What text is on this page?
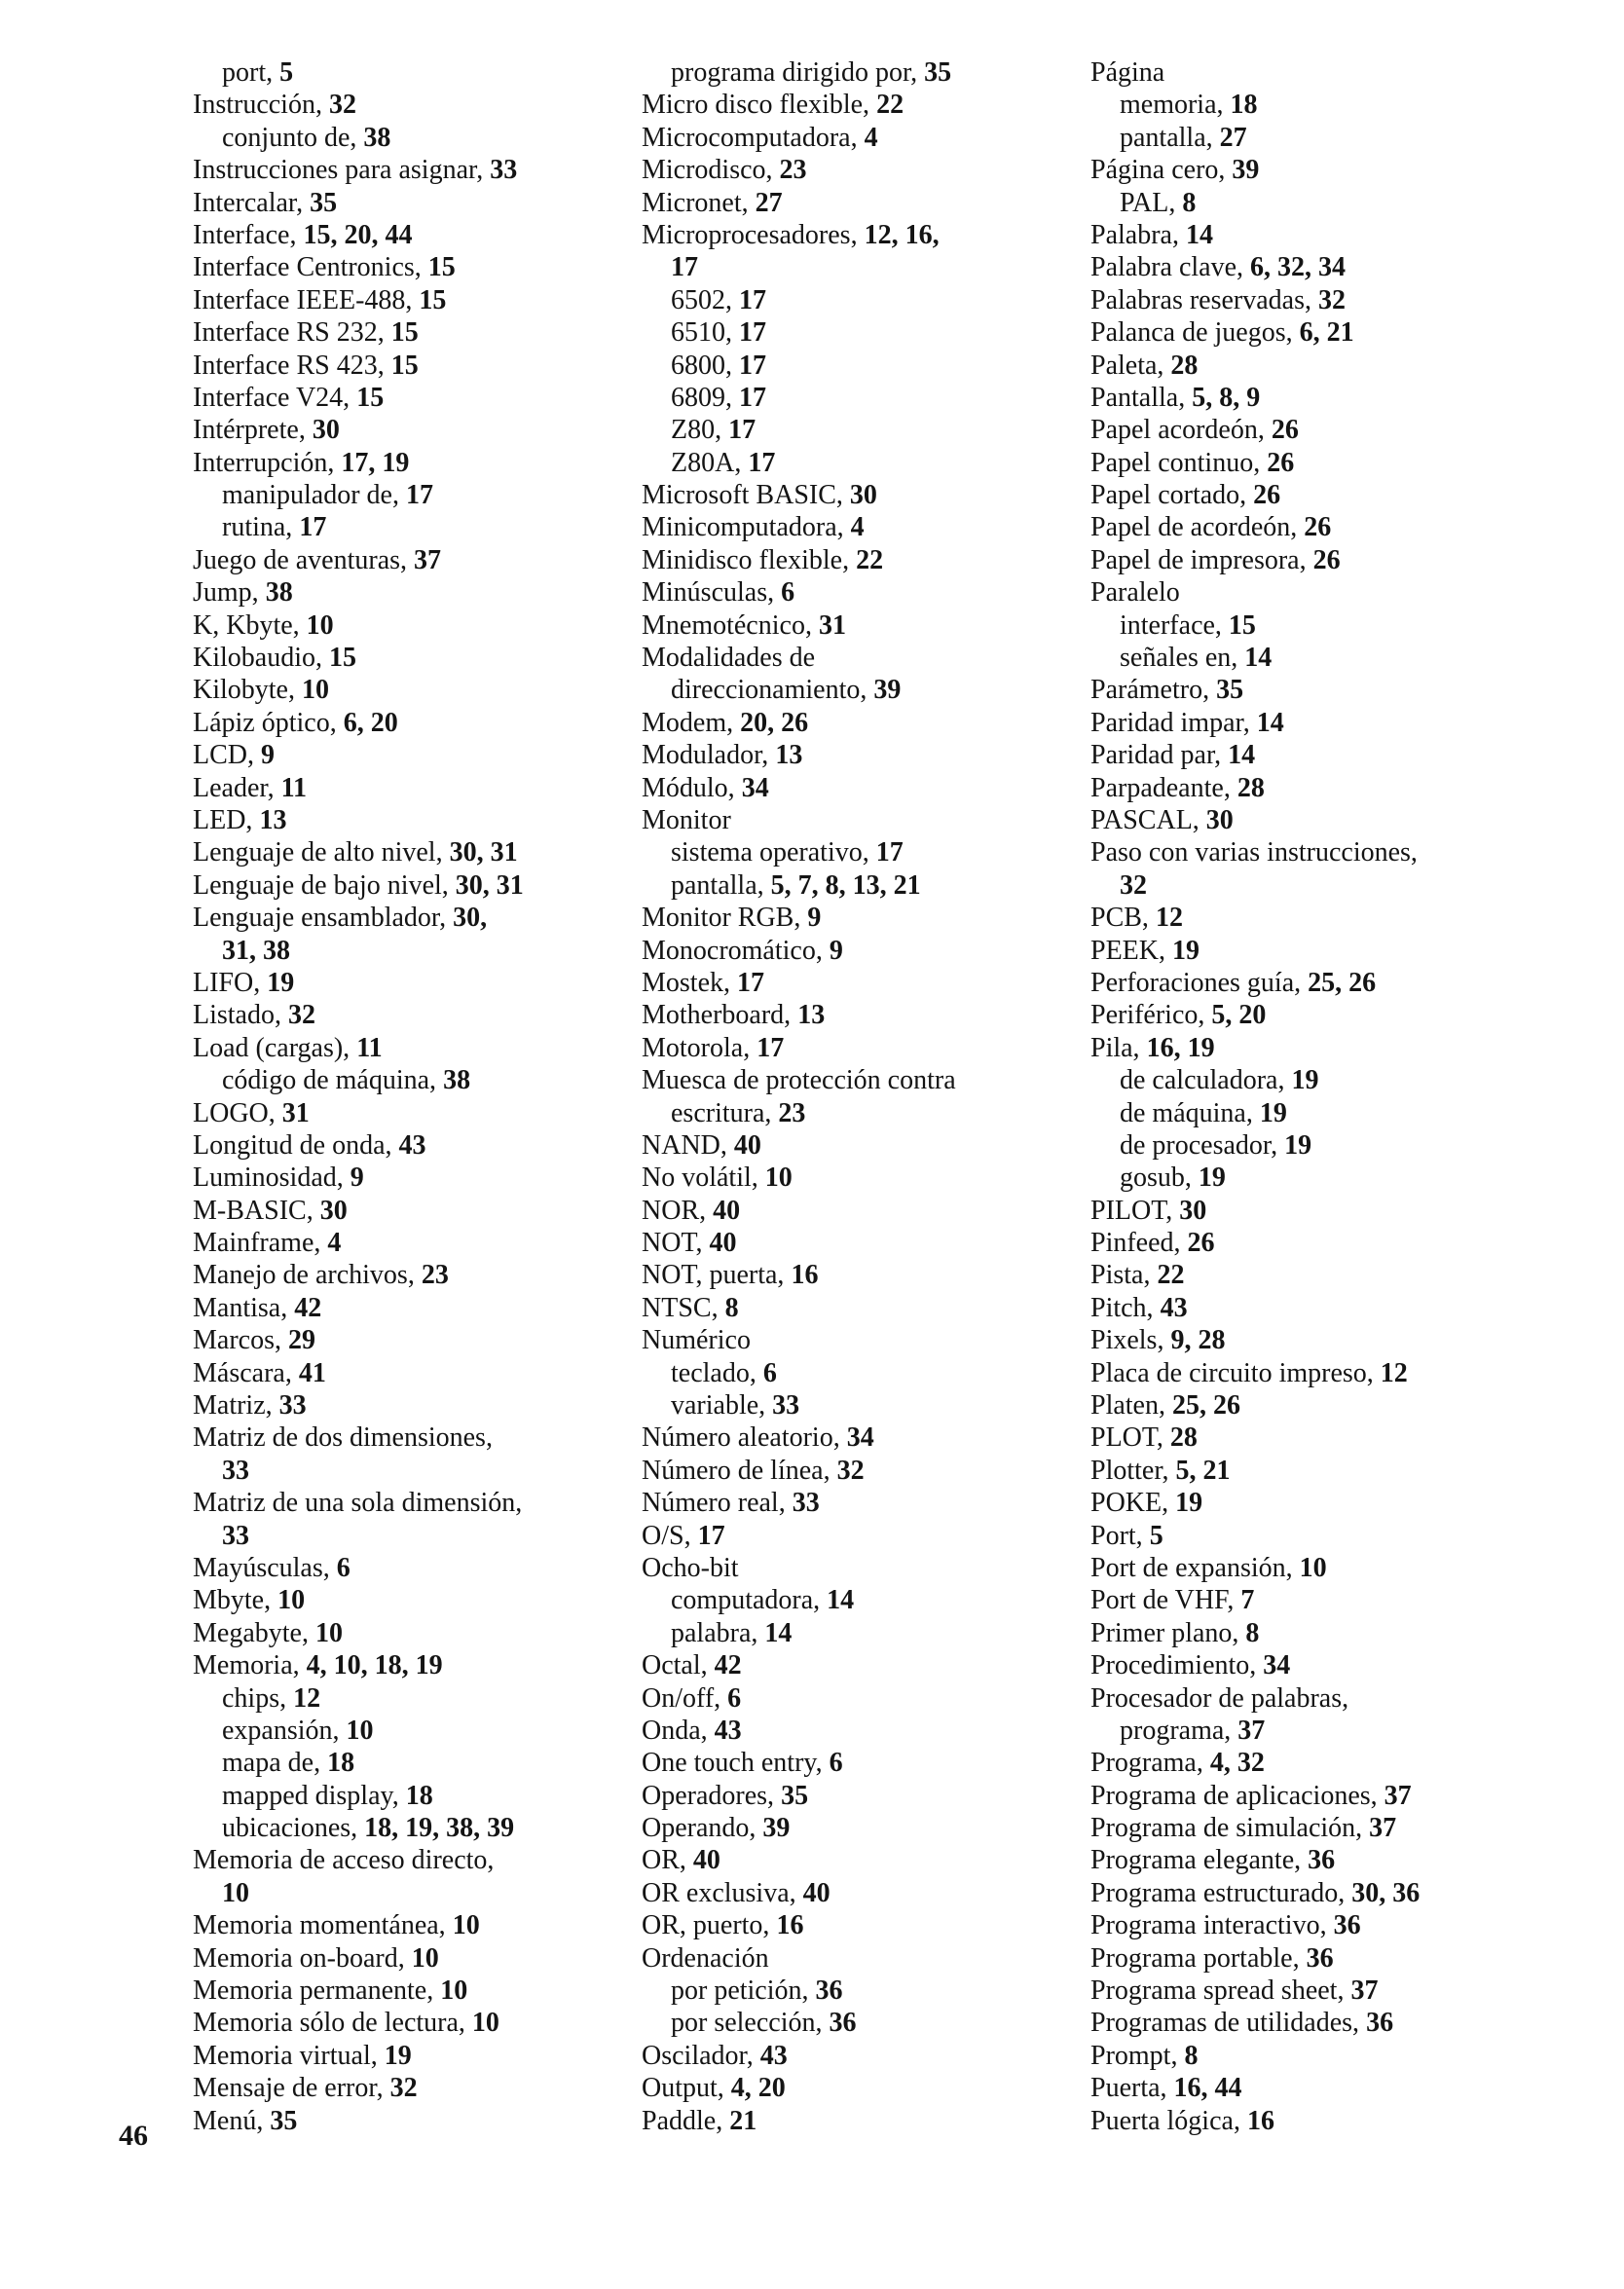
port, 5
Instrucción, 32
conjunto de, 38
Instrucciones para asignar, 33
Intercalar, 35
Interface, 15, 20, 44
Interface Centronics, 15
Interface IEEE-488, 15
Interface RS 232, 15
Interface RS 423, 15
Interface V24, 15
Intérprete, 30
Interrupción, 17, 19
manipulador de, 17
rutina, 17
Juego de aventuras, 37
Jump, 38
K, Kbyte, 10
Kilobaudio, 15
Kilobyte, 10
Lápiz óptico, 6, 20
LCD, 9
Leader, 11
LED, 13
Lenguaje de alto nivel, 30, 31
Lenguaje de bajo nivel, 30, 31
Lenguaje ensamblador, 30,
31, 38
LIFO, 19
Listado, 32
Load (cargas), 11
código de máquina, 38
LOGO, 31
Longitud de onda, 43
Luminosidad, 9
M-BASIC, 30
Mainframe, 4
Manejo de archivos, 23
Mantisa, 42
Marcos, 29
Máscara, 41
Matriz, 33
Matriz de dos dimensiones,
33
Matriz de una sola dimensión,
33
Mayúsculas, 6
Mbyte, 10
Megabyte, 10
Memoria, 4, 10, 18, 19
chips, 12
expansión, 10
mapa de, 18
mapped display, 18
ubicaciones, 18, 19, 38, 39
Memoria de acceso directo,
10
Memoria momentánea, 10
Memoria on-board, 10
Memoria permanente, 10
Memoria sólo de lectura, 10
Memoria virtual, 19
Mensaje de error, 32
Menú, 35
programa dirigido por, 35
Micro disco flexible, 22
Microcomputadora, 4
Microdisco, 23
Micronet, 27
Microprocesadores, 12, 16,
17
6502, 17
6510, 17
6800, 17
6809, 17
Z80, 17
Z80A, 17
Microsoft BASIC, 30
Minicomputadora, 4
Minidisco flexible, 22
Minúsculas, 6
Mnemotécnico, 31
Modalidades de
direccionamiento, 39
Modem, 20, 26
Modulador, 13
Módulo, 34
Monitor
sistema operativo, 17
pantalla, 5, 7, 8, 13, 21
Monitor RGB, 9
Monocromático, 9
Mostek, 17
Motherboard, 13
Motorola, 17
Muesca de protección contra
escritura, 23
NAND, 40
No volátil, 10
NOR, 40
NOT, 40
NOT, puerta, 16
NTSC, 8
Numérico
teclado, 6
variable, 33
Número aleatorio, 34
Número de línea, 32
Número real, 33
O/S, 17
Ocho-bit
computadora, 14
palabra, 14
Octal, 42
On/off, 6
Onda, 43
One touch entry, 6
Operadores, 35
Operando, 39
OR, 40
OR exclusiva, 40
OR, puerto, 16
Ordenación
por petición, 36
por selección, 36
Oscilador, 43
Output, 4, 20
Paddle, 21
Página
memoria, 18
pantalla, 27
Página cero, 39
PAL, 8
Palabra, 14
Palabra clave, 6, 32, 34
Palabras reservadas, 32
Palanca de juegos, 6, 21
Paleta, 28
Pantalla, 5, 8, 9
Papel acordeón, 26
Papel continuo, 26
Papel cortado, 26
Papel de acordeón, 26
Papel de impresora, 26
Paralelo
interface, 15
señales en, 14
Parámetro, 35
Paridad impar, 14
Paridad par, 14
Parpadeante, 28
PASCAL, 30
Paso con varias instrucciones,
32
PCB, 12
PEEK, 19
Perforaciones guía, 25, 26
Periférico, 5, 20
Pila, 16, 19
de calculadora, 19
de máquina, 19
de procesador, 19
gosub, 19
PILOT, 30
Pinfeed, 26
Pista, 22
Pitch, 43
Pixels, 9, 28
Placa de circuito impreso, 12
Platen, 25, 26
PLOT, 28
Plotter, 5, 21
POKE, 19
Port, 5
Port de expansión, 10
Port de VHF, 7
Primer plano, 8
Procedimiento, 34
Procesador de palabras,
programa, 37
Programa, 4, 32
Programa de aplicaciones, 37
Programa de simulación, 37
Programa elegante, 36
Programa estructurado, 30, 36
Programa interactivo, 36
Programa portable, 36
Programa spread sheet, 37
Programas de utilidades, 36
Prompt, 8
Puerta, 16, 44
Puerta lógica, 16
46
